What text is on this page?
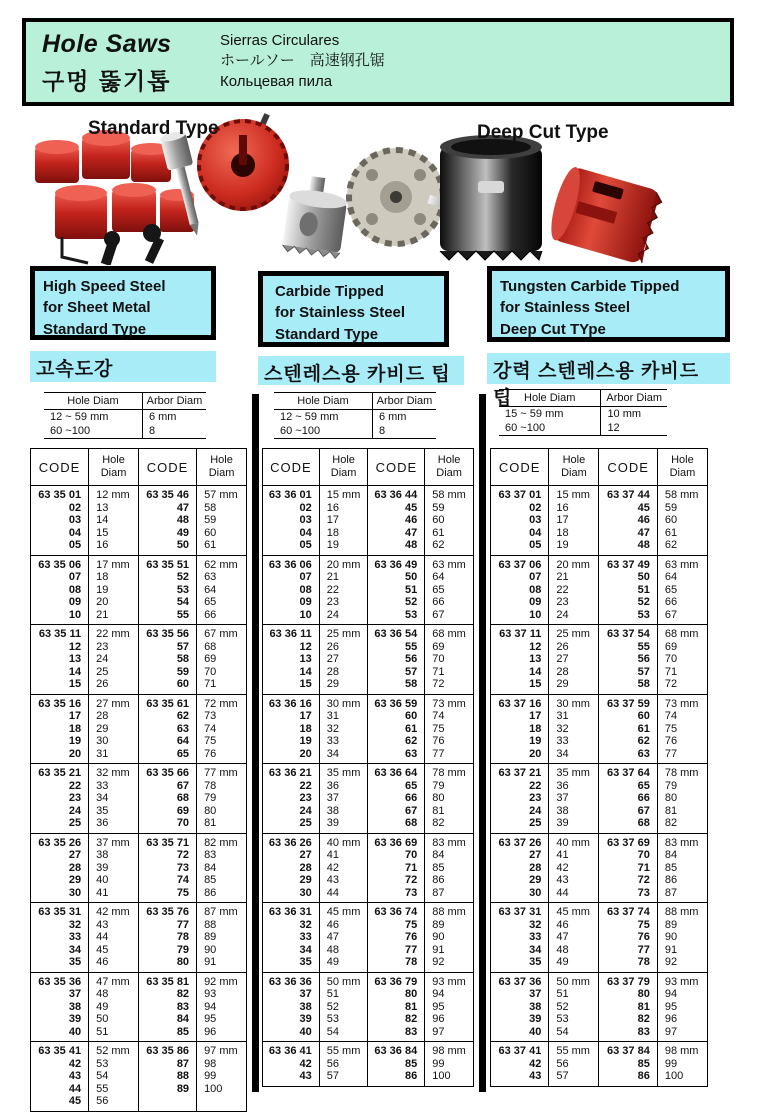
Hole Saws
구멍 뚫기톱
Sierras Circulares
ホールソー　高速钢孔锯
Кольцевая пила
Standard Type	Deep Cut Type
High Speed Steel
for Sheet Metal
Standard Type
Carbide Tipped
for Stainless Steel
Standard Type
Tungsten Carbide Tipped
for Stainless Steel
Deep Cut TYpe
고속도강	스텐레스용 카비드 팁	강력 스텐레스용 카비드 팁
Hole Diam	Arbor Diam
12 ~ 59 mm	6 mm
60 ~100	8
Hole Diam	Arbor Diam
12 ~ 59 mm	6 mm
60 ~100	8
Hole Diam	Arbor Diam
15 ~ 59 mm	10 mm
60 ~100	12
CODE	Hole Diam	CODE	Hole Diam
63 35 01	12 mm	63 35 46	57 mm
02	13	47	58
03	14	48	59
04	15	49	60
05	16	50	61
63 35 06	17 mm	63 35 51	62 mm
07	18	52	63
08	19	53	64
09	20	54	65
10	21	55	66
63 35 11	22 mm	63 35 56	67 mm
12	23	57	68
13	24	58	69
14	25	59	70
15	26	60	71
63 35 16	27 mm	63 35 61	72 mm
17	28	62	73
18	29	63	74
19	30	64	75
20	31	65	76
63 35 21	32 mm	63 35 66	77 mm
22	33	67	78
23	34	68	79
24	35	69	80
25	36	70	81
63 35 26	37 mm	63 35 71	82 mm
27	38	72	83
28	39	73	84
29	40	74	85
30	41	75	86
63 35 31	42 mm	63 35 76	87 mm
32	43	77	88
33	44	78	89
34	45	79	90
35	46	80	91
63 35 36	47 mm	63 35 81	92 mm
37	48	82	93
38	49	83	94
39	50	84	95
40	51	85	96
63 35 41	52 mm	63 35 86	97 mm
42	53	87	98
43	54	88	99
44	55	89	100
45	56		
CODE	Hole Diam	CODE	Hole Diam
63 36 01	15 mm	63 36 44	58 mm
02	16	45	59
03	17	46	60
04	18	47	61
05	19	48	62
63 36 06	20 mm	63 36 49	63 mm
07	21	50	64
08	22	51	65
09	23	52	66
10	24	53	67
63 36 11	25 mm	63 36 54	68 mm
12	26	55	69
13	27	56	70
14	28	57	71
15	29	58	72
63 36 16	30 mm	63 36 59	73 mm
17	31	60	74
18	32	61	75
19	33	62	76
20	34	63	77
63 36 21	35 mm	63 36 64	78 mm
22	36	65	79
23	37	66	80
24	38	67	81
25	39	68	82
63 36 26	40 mm	63 36 69	83 mm
27	41	70	84
28	42	71	85
29	43	72	86
30	44	73	87
63 36 31	45 mm	63 36 74	88 mm
32	46	75	89
33	47	76	90
34	48	77	91
35	49	78	92
63 36 36	50 mm	63 36 79	93 mm
37	51	80	94
38	52	81	95
39	53	82	96
40	54	83	97
63 36 41	55 mm	63 36 84	98 mm
42	56	85	99
43	57	86	100
CODE	Hole Diam	CODE	Hole Diam
63 37 01	15 mm	63 37 44	58 mm
02	16	45	59
03	17	46	60
04	18	47	61
05	19	48	62
63 37 06	20 mm	63 37 49	63 mm
07	21	50	64
08	22	51	65
09	23	52	66
10	24	53	67
63 37 11	25 mm	63 37 54	68 mm
12	26	55	69
13	27	56	70
14	28	57	71
15	29	58	72
63 37 16	30 mm	63 37 59	73 mm
17	31	60	74
18	32	61	75
19	33	62	76
20	34	63	77
63 37 21	35 mm	63 37 64	78 mm
22	36	65	79
23	37	66	80
24	38	67	81
25	39	68	82
63 37 26	40 mm	63 37 69	83 mm
27	41	70	84
28	42	71	85
29	43	72	86
30	44	73	87
63 37 31	45 mm	63 37 74	88 mm
32	46	75	89
33	47	76	90
34	48	77	91
35	49	78	92
63 37 36	50 mm	63 37 79	93 mm
37	51	80	94
38	52	81	95
39	53	82	96
40	54	83	97
63 37 41	55 mm	63 37 84	98 mm
42	56	85	99
43	57	86	100
